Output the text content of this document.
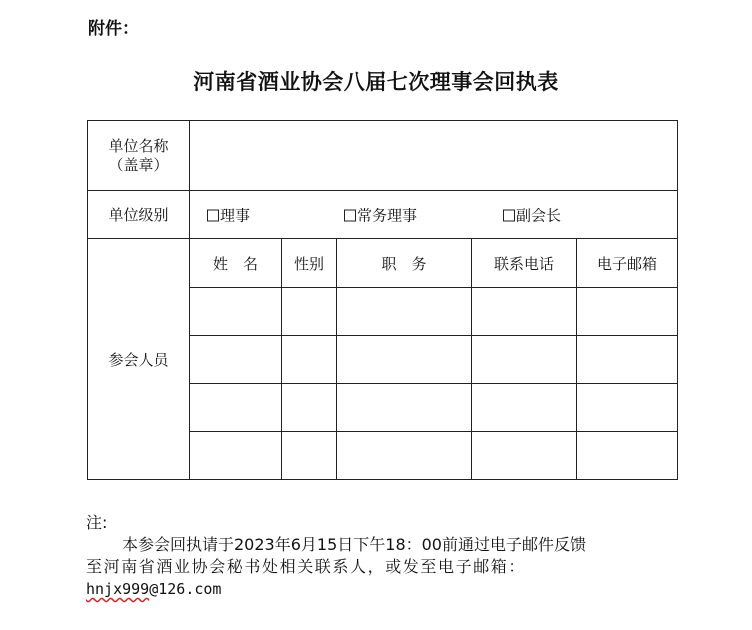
附件：
河南省酒业协会八届七次理事会回执表
单位名称
（盖章）					

单位级别	理事 常务理事 副会长				

参会人员	姓　名	性别	职　务	联系电话	电子邮箱

注:
本参会回执请于2023年6月15日下午18：00前通过电子邮件反馈
至河南省酒业协会秘书处相关联系人，或发至电子邮箱：
hnjx999@126.com
